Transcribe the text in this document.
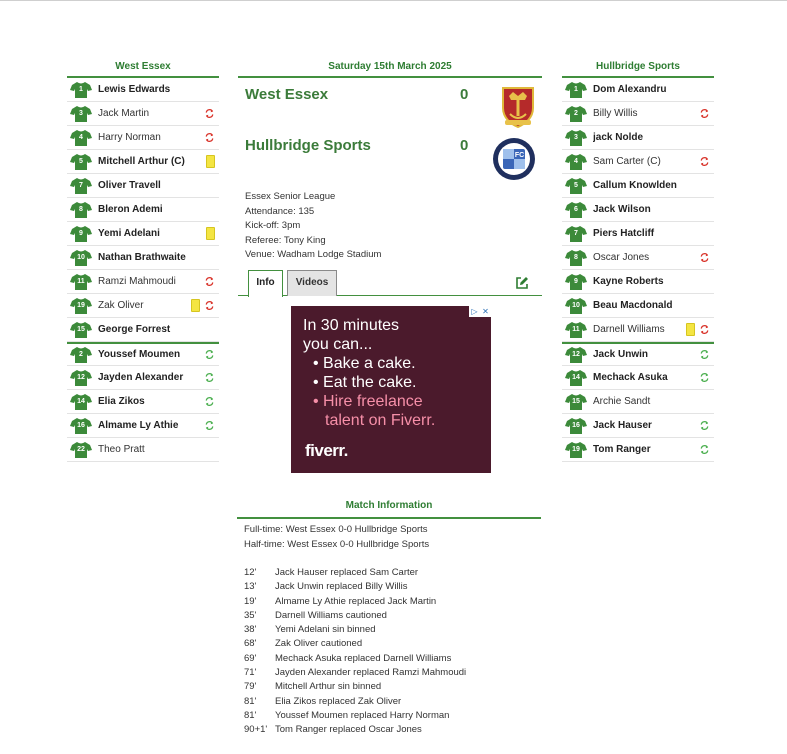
West Essex
1	Lewis Edwards
3	Jack Martin
4	Harry Norman
5	Mitchell Arthur (C)
7	Oliver Travell
8	Bleron Ademi
9	Yemi Adelani
10	Nathan Brathwaite
11	Ramzi Mahmoudi
19	Zak Oliver
15	George Forrest
2	Youssef Moumen
12	Jayden Alexander
14	Elia Zikos
16	Almame Ly Athie
22	Theo Pratt
Hullbridge Sports
1	Dom Alexandru
2	Billy Willis
3	jack Nolde
4	Sam Carter (C)
5	Callum Knowlden
6	Jack Wilson
7	Piers Hatcliff
8	Oscar Jones
9	Kayne Roberts
10	Beau Macdonald
11	Darnell Williams
12	Jack Unwin
14	Mechack Asuka
15	Archie Sandt
16	Jack Hauser
19	Tom Ranger
Saturday 15th March 2025
West Essex	0
Hullbridge Sports	0
FC
Essex Senior League
Attendance: 135
Kick-off: 3pm
Referee: Tony King
Venue: Wadham Lodge Stadium
Info	Videos
▷ ✕
In 30 minutes
you can...
• Bake a cake.
• Eat the cake.
• Hire freelance
talent on Fiverr.
fiverr.
Match Information
Full-time: West Essex 0-0 Hullbridge Sports
Half-time: West Essex 0-0 Hullbridge Sports
12'	Jack Hauser replaced Sam Carter
13'	Jack Unwin replaced Billy Willis
19'	Almame Ly Athie replaced Jack Martin
35'	Darnell Williams cautioned
38'	Yemi Adelani sin binned
68'	Zak Oliver cautioned
69'	Mechack Asuka replaced Darnell Williams
71'	Jayden Alexander replaced Ramzi Mahmoudi
79'	Mitchell Arthur sin binned
81'	Elia Zikos replaced Zak Oliver
81'	Youssef Moumen replaced Harry Norman
90+1' Tom Ranger replaced Oscar Jones
